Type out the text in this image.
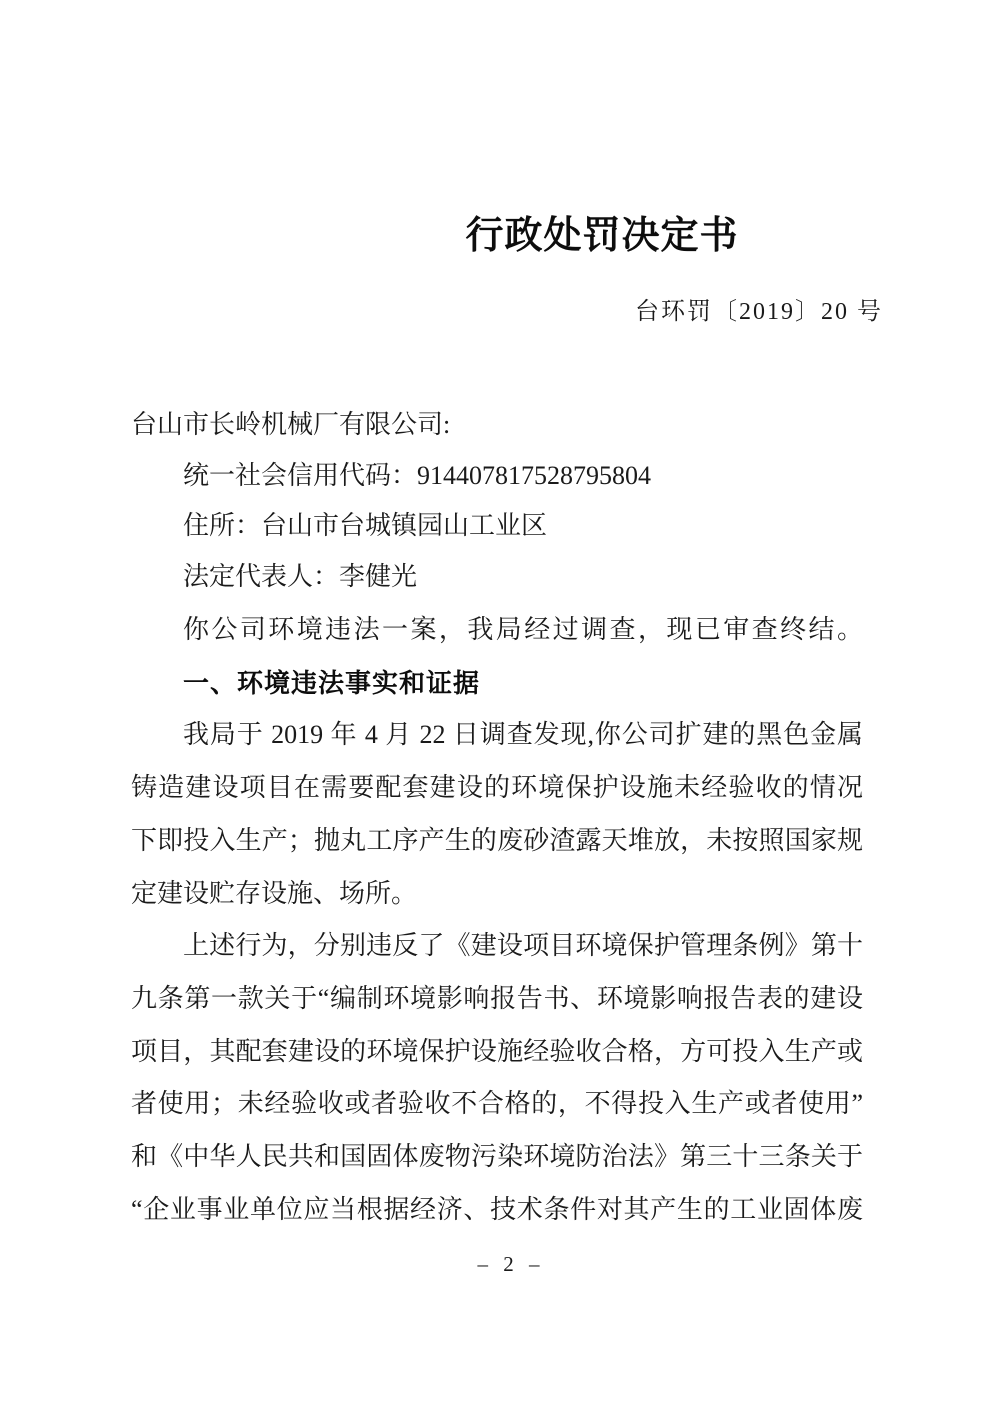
行政处罚决定书
台环罚〔2019〕20 号
台山市长岭机械厂有限公司:
统一社会信用代码：914407817528795804
住所：台山市台城镇园山工业区
法定代表人：李健光
你公司环境违法一案，我局经过调查，现已审查终结。
一、环境违法事实和证据
我局于 2019 年 4 月 22 日调查发现,你公司扩建的黑色金属
铸造建设项目在需要配套建设的环境保护设施未经验收的情况
下即投入生产；抛丸工序产生的废砂渣露天堆放，未按照国家规
定建设贮存设施、场所。
上述行为，分别违反了《建设项目环境保护管理条例》第十
九条第一款关于“编制环境影响报告书、环境影响报告表的建设
项目，其配套建设的环境保护设施经验收合格，方可投入生产或
者使用；未经验收或者验收不合格的，不得投入生产或者使用”
和《中华人民共和国固体废物污染环境防治法》第三十三条关于
“企业事业单位应当根据经济、技术条件对其产生的工业固体废
– 2 –
